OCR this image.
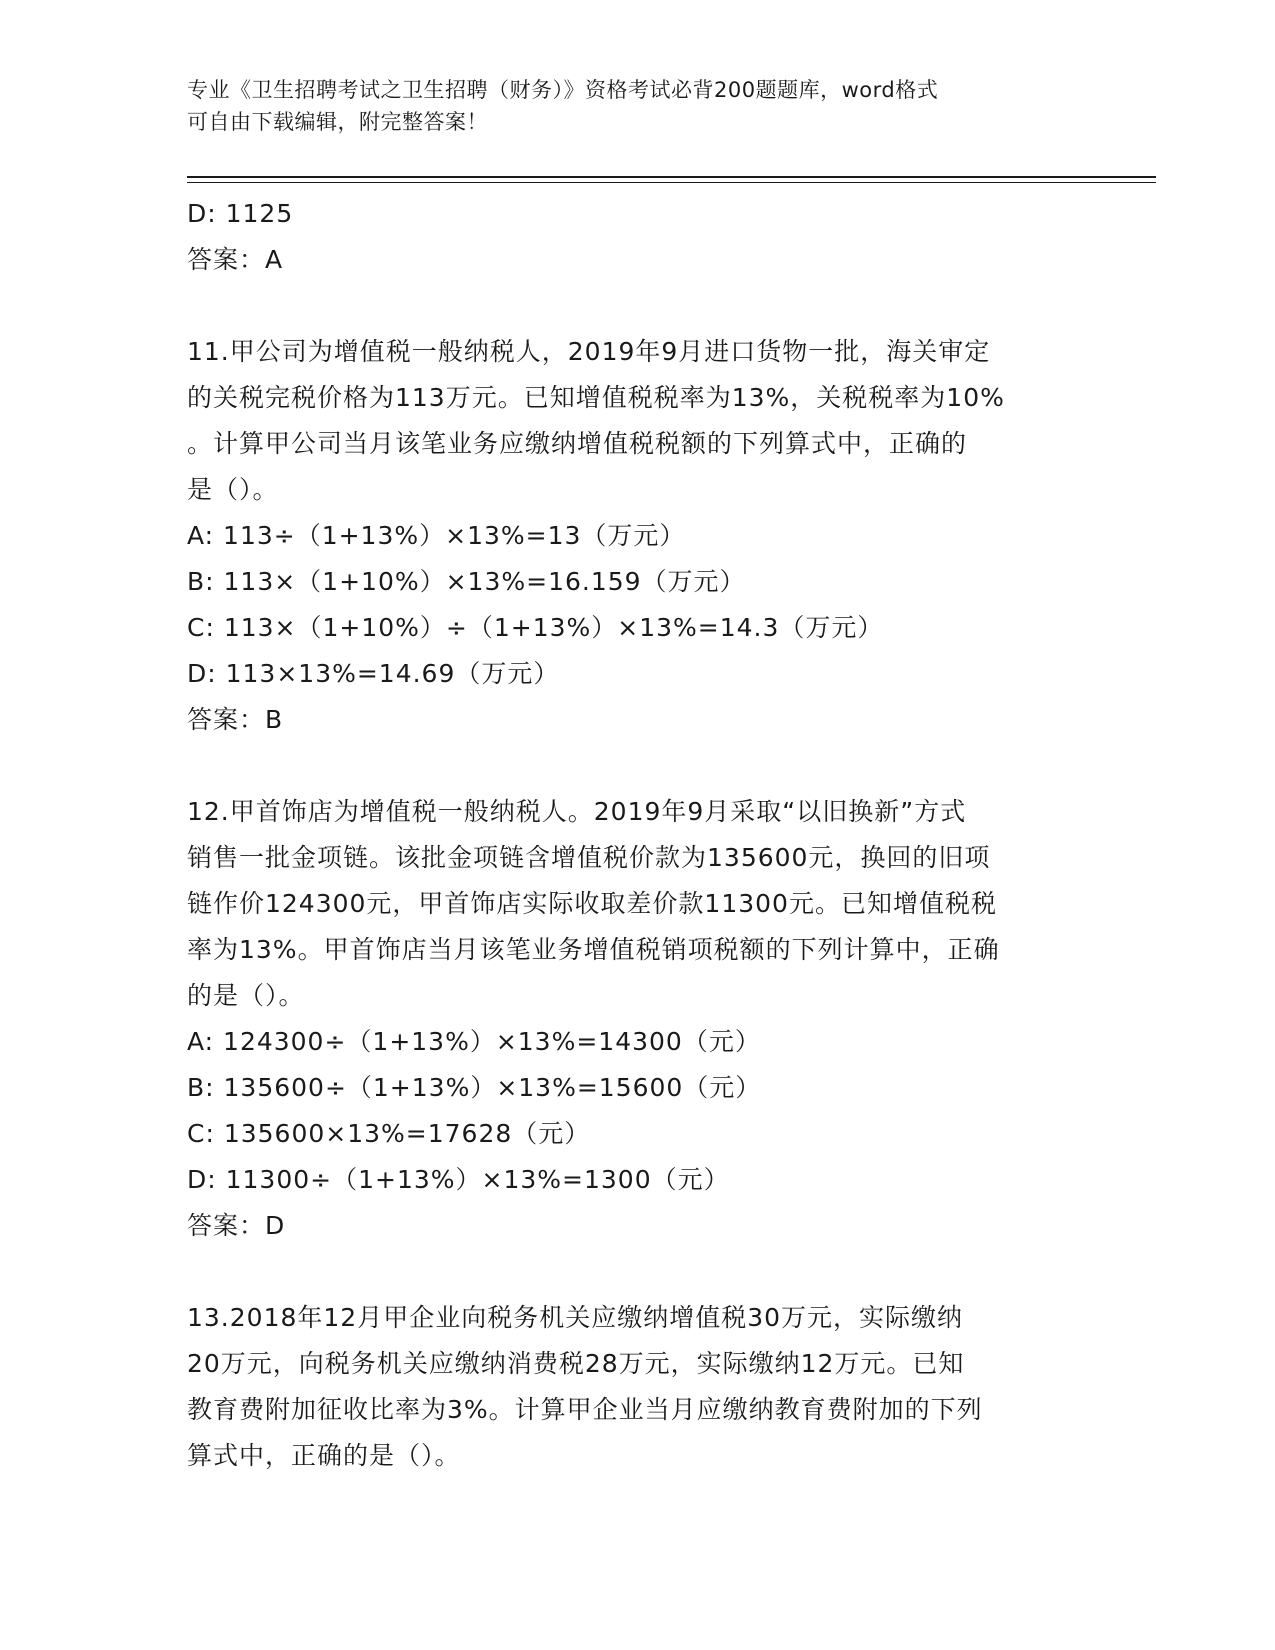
专业《卫生招聘考试之卫生招聘（财务）》资格考试必背200题题库，word格式
可自由下载编辑，附完整答案！
D: 1125
答案：A
11.甲公司为增值税一般纳税人，2019年9月进口货物一批，海关审定
的关税完税价格为113万元。已知增值税税率为13%，关税税率为10%
。计算甲公司当月该笔业务应缴纳增值税税额的下列算式中，正确的
是（）。
A: 113÷（1+13%）×13%=13（万元）
B: 113×（1+10%）×13%=16.159（万元）
C: 113×（1+10%）÷（1+13%）×13%=14.3（万元）
D: 113×13%=14.69（万元）
答案：B
12.甲首饰店为增值税一般纳税人。2019年9月采取“以旧换新”方式
销售一批金项链。该批金项链含增值税价款为135600元，换回的旧项
链作价124300元，甲首饰店实际收取差价款11300元。已知增值税税
率为13%。甲首饰店当月该笔业务增值税销项税额的下列计算中，正确
的是（）。
A: 124300÷（1+13%）×13%=14300（元）
B: 135600÷（1+13%）×13%=15600（元）
C: 135600×13%=17628（元）
D: 11300÷（1+13%）×13%=1300（元）
答案：D
13.2018年12月甲企业向税务机关应缴纳增值税30万元，实际缴纳
20万元，向税务机关应缴纳消费税28万元，实际缴纳12万元。已知
教育费附加征收比率为3%。计算甲企业当月应缴纳教育费附加的下列
算式中，正确的是（）。
